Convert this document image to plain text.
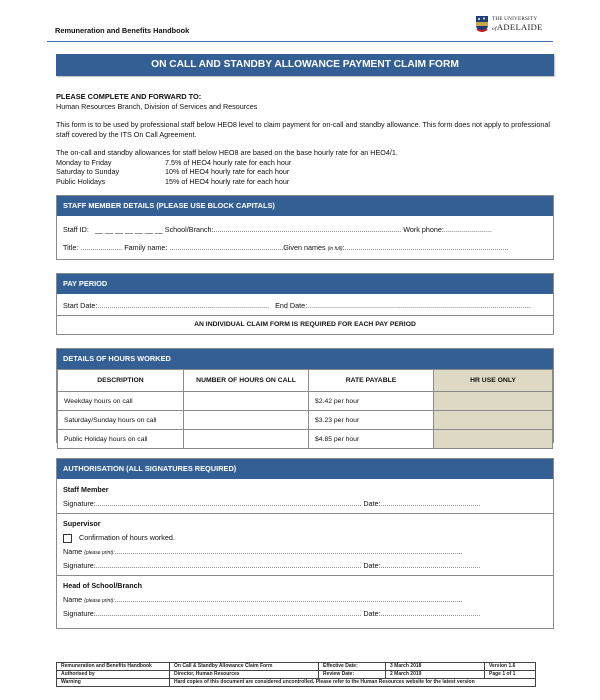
Remuneration and Benefits Handbook
THE UNIVERSITY
ofADELAIDE
ON CALL AND STANDBY ALLOWANCE PAYMENT CLAIM FORM
PLEASE COMPLETE AND FORWARD TO:
Human Resources Branch, Division of Services and Resources
This form is to be used by professional staff below HEO8 level to claim payment for on-call and standby allowance. This form does not apply to professional staff covered by the ITS On Call Agreement.
The on-call and standby allowances for staff below HEO8 are based on the base hourly rate for an HEO4/1.
Monday to Friday	7.5% of HEO4 hourly rate for each hour
Saturday to Sunday	10% of HEO4 hourly rate for each hour
Public Holidays	15% of HEO4 hourly rate for each hour
STAFF MEMBER DETAILS (PLEASE USE BLOCK CAPITALS)
Staff ID: __ __ __ __ __ __ __ School/Branch:.............................................................................................. Work phone:........................
Title: ..................... Family name: .........................................................Given names (in full):..................................................................................
PAY PERIOD
Start Date:...................................................................................... End Date:................................................................................................................
AN INDIVIDUAL CLAIM FORM IS REQUIRED FOR EACH PAY PERIOD
DETAILS OF HOURS WORKED
DESCRIPTION	NUMBER OF HOURS ON CALL	RATE PAYABLE	HR USE ONLY
Weekday hours on call		$2.42 per hour	
Saturday/Sunday hours on call		$3.23 per hour	
Public Holiday hours on call		$4.85 per hour	
AUTHORISATION (ALL SIGNATURES REQUIRED)
Staff Member
Signature:..................................................................................................................................... Date:..................................................
Supervisor
Confirmation of hours worked.
Name (please print):..............................................................................................................................................................................
Signature:..................................................................................................................................... Date:..................................................
Head of School/Branch
Name (please print):..............................................................................................................................................................................
Signature:..................................................................................................................................... Date:..................................................
Remuneration and Benefits Handbook	On Call & Standby Allowance Claim Form	Effective Date:	3 March 2018	Version 1.6
Authorised by	Director, Human Resources	Review Date:	2 March 2019	Page 1 of 1
Warning	Hard copies of this document are considered uncontrolled. Please refer to the Human Resources website for the latest version			
